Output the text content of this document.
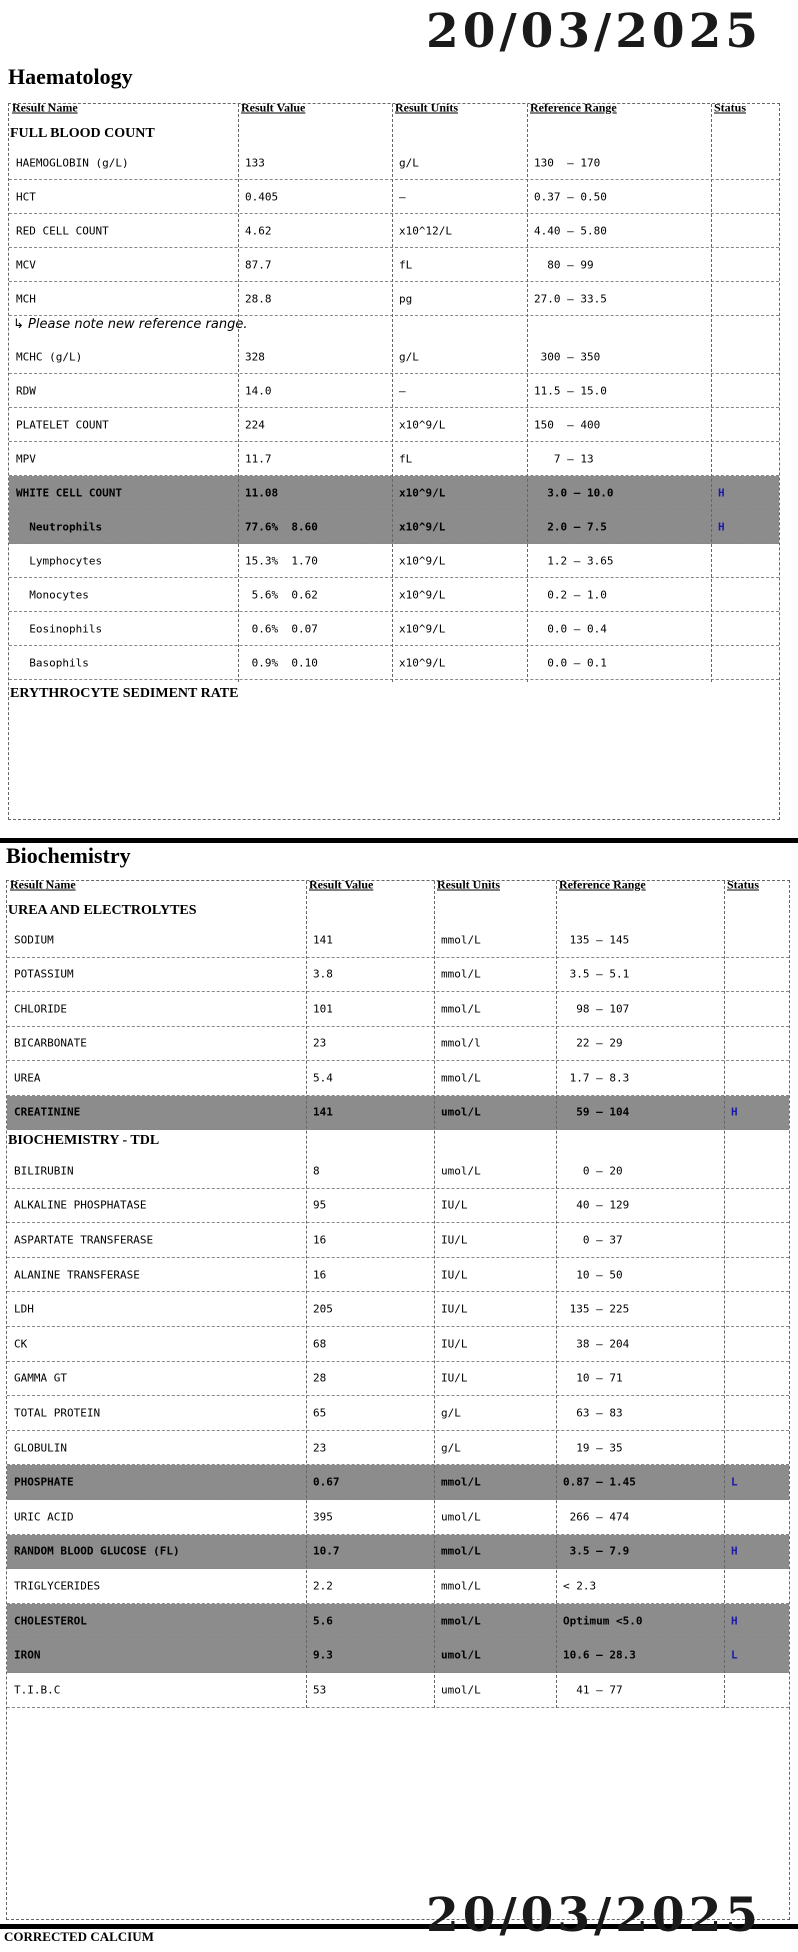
20/03/2025
Haematology
Result Name	Result Value	Result Units	Reference Range	Status
FULL BLOOD COUNT
HAEMOGLOBIN (g/L)	133	g/L	130  – 170
HCT	0.405	–	0.37 – 0.50
RED CELL COUNT	4.62	x10^12/L	4.40 – 5.80
MCV	87.7	fL	80 – 99
MCH	28.8	pg	27.0 – 33.5
↳ Please note new reference range.
MCHC (g/L)	328	g/L	300 – 350
RDW	14.0	–	11.5 – 15.0
PLATELET COUNT	224	x10^9/L	150  – 400
MPV	11.7	fL	7 – 13
WHITE CELL COUNT	11.08	x10^9/L	3.0 – 10.0	H
Neutrophils	77.6%  8.60	x10^9/L	2.0 – 7.5	H
Lymphocytes	15.3%  1.70	x10^9/L	1.2 – 3.65
Monocytes	5.6%  0.62	x10^9/L	0.2 – 1.0
Eosinophils	0.6%  0.07	x10^9/L	0.0 – 0.4
Basophils	0.9%  0.10	x10^9/L	0.0 – 0.1
ERYTHROCYTE SEDIMENT RATE
Biochemistry
Result Name	Result Value	Result Units	Reference Range	Status
UREA AND ELECTROLYTES
SODIUM	141	mmol/L	135 – 145
POTASSIUM	3.8	mmol/L	3.5 – 5.1
CHLORIDE	101	mmol/L	98 – 107
BICARBONATE	23	mmol/l	22 – 29
UREA	5.4	mmol/L	1.7 – 8.3
CREATININE	141	umol/L	59 – 104	H
BIOCHEMISTRY - TDL
BILIRUBIN	8	umol/L	0 – 20
ALKALINE PHOSPHATASE	95	IU/L	40 – 129
ASPARTATE TRANSFERASE	16	IU/L	0 – 37
ALANINE TRANSFERASE	16	IU/L	10 – 50
LDH	205	IU/L	135 – 225
CK	68	IU/L	38 – 204
GAMMA GT	28	IU/L	10 – 71
TOTAL PROTEIN	65	g/L	63 – 83
GLOBULIN	23	g/L	19 – 35
PHOSPHATE	0.67	mmol/L	0.87 – 1.45	L
URIC ACID	395	umol/L	266 – 474
RANDOM BLOOD GLUCOSE (FL)	10.7	mmol/L	3.5 – 7.9	H
TRIGLYCERIDES	2.2	mmol/L	< 2.3
CHOLESTEROL	5.6	mmol/L	Optimum <5.0	H
IRON	9.3	umol/L	10.6 – 28.3	L
T.I.B.C	53	umol/L	41 – 77
20/03/2025
CORRECTED CALCIUM
